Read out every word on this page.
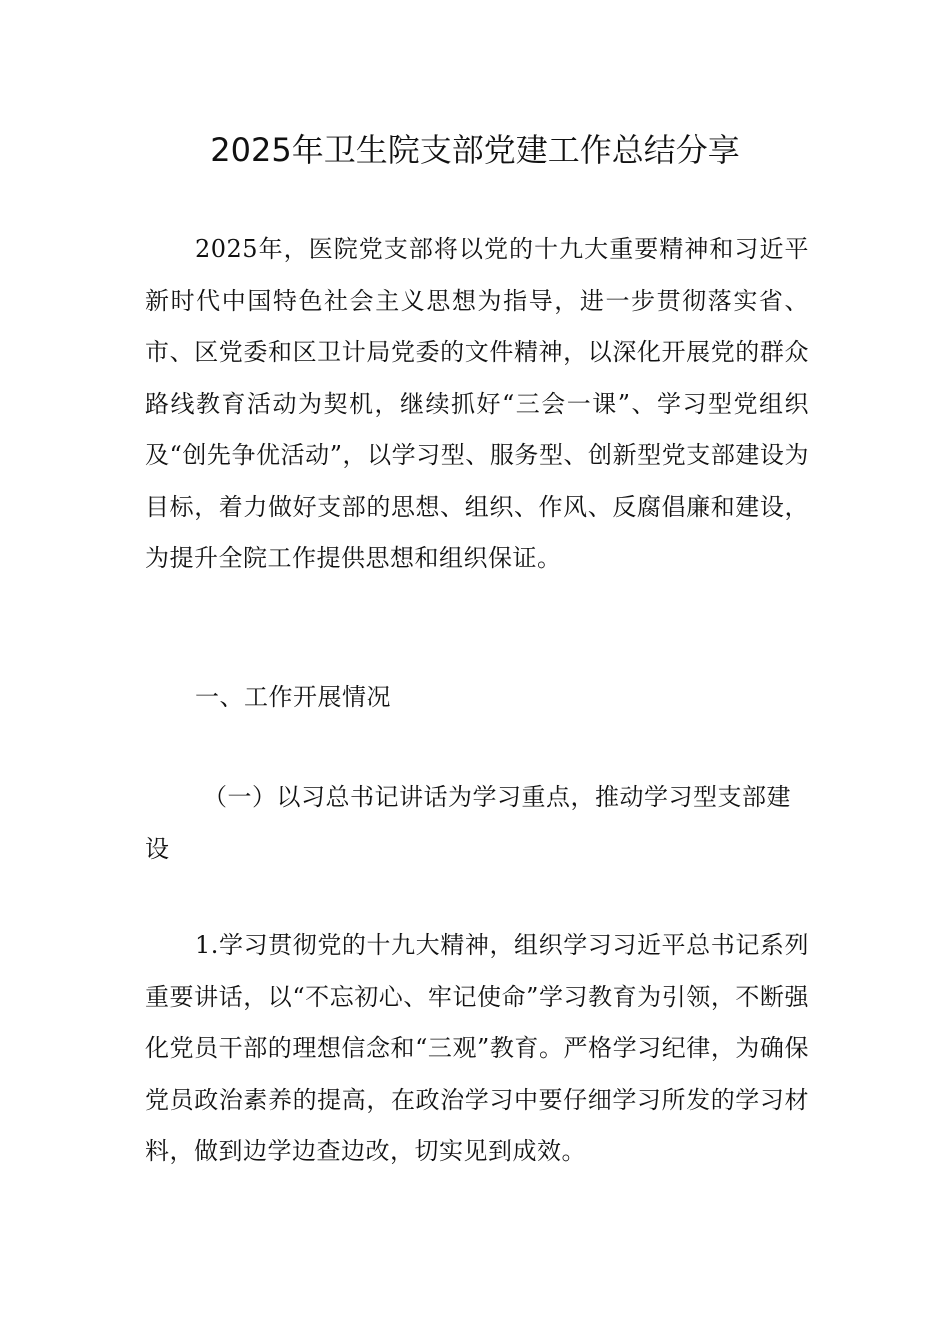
2025年卫生院支部党建工作总结分享

2025年，医院党支部将以党的十九大重要精神和习近平新时代中国特色社会主义思想为指导，进一步贯彻落实省、市、区党委和区卫计局党委的文件精神，以深化开展党的群众路线教育活动为契机，继续抓好“三会一课”、学习型党组织及“创先争优活动”，以学习型、服务型、创新型党支部建设为目标，着力做好支部的思想、组织、作风、反腐倡廉和建设，为提升全院工作提供思想和组织保证。

一、工作开展情况

（一）以习总书记讲话为学习重点，推动学习型支部建设

1.学习贯彻党的十九大精神，组织学习习近平总书记系列重要讲话，以“不忘初心、牢记使命”学习教育为引领，不断强化党员干部的理想信念和“三观”教育。严格学习纪律，为确保党员政治素养的提高，在政治学习中要仔细学习所发的学习材料，做到边学边查边改，切实见到成效。
